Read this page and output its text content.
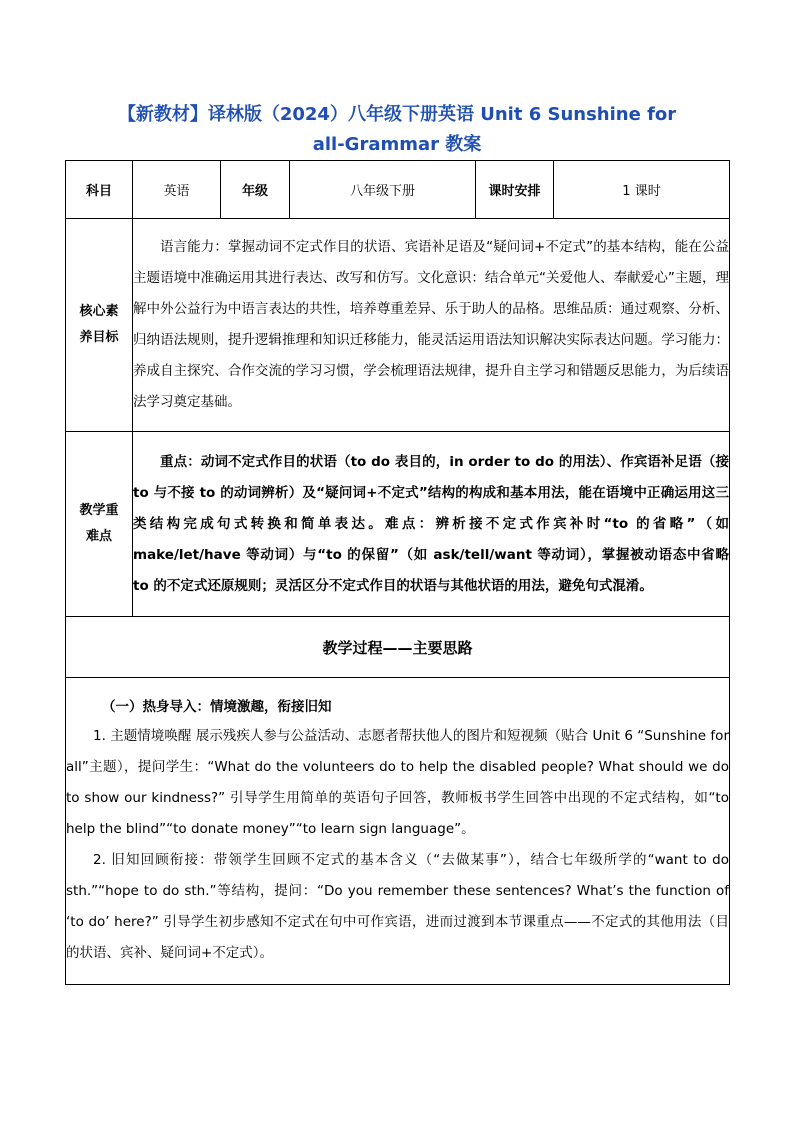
【新教材】译林版（2024）八年级下册英语 Unit 6 Sunshine for
all-Grammar 教案
科目	英语	年级	八年级下册	课时安排	1 课时

核心素
养目标	语言能力：掌握动词不定式作目的状语、宾语补足语及“疑问词+不定式”的基本结构，能在公益主题语境中准确运用其进行表达、改写和仿写。文化意识：结合单元“关爱他人、奉献爱心”主题，理解中外公益行为中语言表达的共性，培养尊重差异、乐于助人的品格。思维品质：通过观察、分析、归纳语法规则，提升逻辑推理和知识迁移能力，能灵活运用语法知识解决实际表达问题。学习能力：养成自主探究、合作交流的学习习惯，学会梳理语法规律，提升自主学习和错题反思能力，为后续语法学习奠定基础。				

教学重
难点	重点：动词不定式作目的状语（to do 表目的，in order to do 的用法）、作宾语补足语（接 to 与不接 to 的动词辨析）及“疑问词+不定式”结构的构成和基本用法，能在语境中正确运用这三类结构完成句式转换和简单表达。难点：辨析接不定式作宾补时“to 的省略”（如 make/let/have 等动词）与“to 的保留”（如 ask/tell/want 等动词），掌握被动语态中省略 to 的不定式还原规则；灵活区分不定式作目的状语与其他状语的用法，避免句式混淆。				
教学过程——主要思路					

（一）热身导入：情境激趣，衔接旧知

1. 主题情境唤醒 展示残疾人参与公益活动、志愿者帮扶他人的图片和短视频（贴合 Unit 6 “Sunshine for all”主题），提问学生：“What do the volunteers do to help the disabled people? What should we do to show our kindness?” 引导学生用简单的英语句子回答，教师板书学生回答中出现的不定式结构，如“to help the blind”“to donate money”“to learn sign language”。

2. 旧知回顾衔接：带领学生回顾不定式的基本含义（“去做某事”），结合七年级所学的“want to do sth.”“hope to do sth.”等结构，提问：“Do you remember these sentences? What’s the function of ‘to do’ here?” 引导学生初步感知不定式在句中可作宾语，进而过渡到本节课重点——不定式的其他用法（目的状语、宾补、疑问词+不定式）。					
